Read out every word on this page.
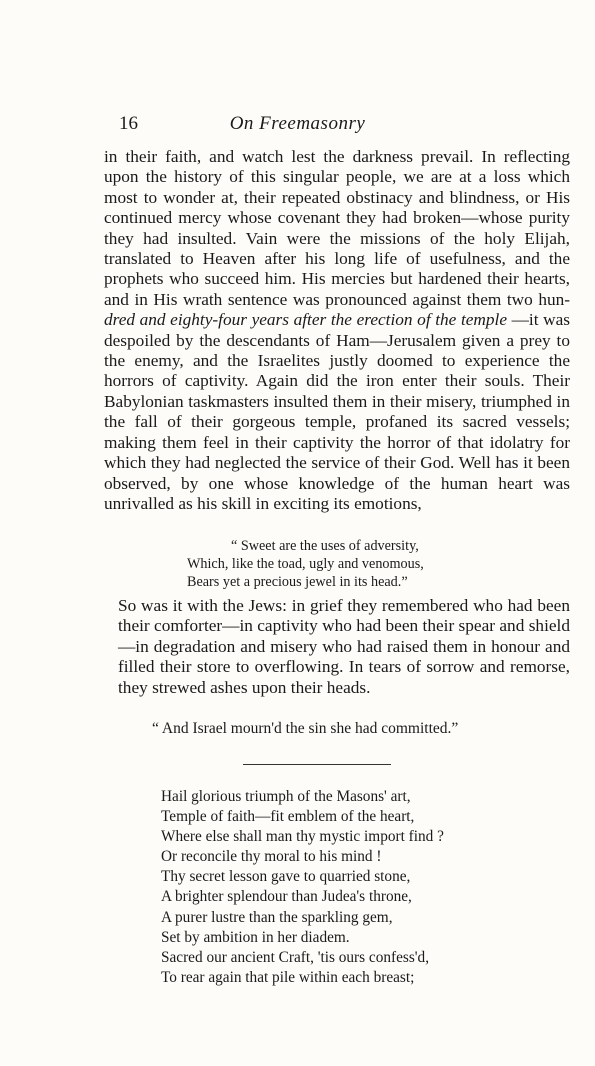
16	On Freemasonry

in their faith, and watch lest the darkness prevail. In reflecting upon the history of this singular people, we are at a loss which most to wonder at, their repeated obstinacy and blindness, or His continued mercy whose covenant they had broken—whose purity they had insulted. Vain were the missions of the holy Elijah, translated to Heaven after his long life of usefulness, and the prophets who succeed him. His mercies but hardened their hearts, and in His wrath sentence was pronounced against them two hun- dred and eighty-four years after the erection of the temple —it was despoiled by the descendants of Ham—Jerusalem given a prey to the enemy, and the Israelites justly doomed to experience the horrors of captivity. Again did the iron enter their souls. Their Babylonian taskmasters insulted them in their misery, triumphed in the fall of their gorgeous temple, profaned its sacred vessels; making them feel in their captivity the horror of that idolatry for which they had neglected the service of their God. Well has it been observed, by one whose knowledge of the human heart was unrivalled as his skill in exciting its emotions,

“ Sweet are the uses of adversity,
Which, like the toad, ugly and venomous,
Bears yet a precious jewel in its head.”

So was it with the Jews: in grief they remembered who had been their comforter—in captivity who had been their spear and shield—in degradation and misery who had raised them in honour and filled their store to overflowing. In tears of sorrow and remorse, they strewed ashes upon their heads.

“ And Israel mourn'd the sin she had committed.”
Hail glorious triumph of the Masons' art,
Temple of faith—fit emblem of the heart,
Where else shall man thy mystic import find ?
Or reconcile thy moral to his mind !
Thy secret lesson gave to quarried stone,
A brighter splendour than Judea's throne,
A purer lustre than the sparkling gem,
Set by ambition in her diadem.
Sacred our ancient Craft, 'tis ours confess'd,
To rear again that pile within each breast;
